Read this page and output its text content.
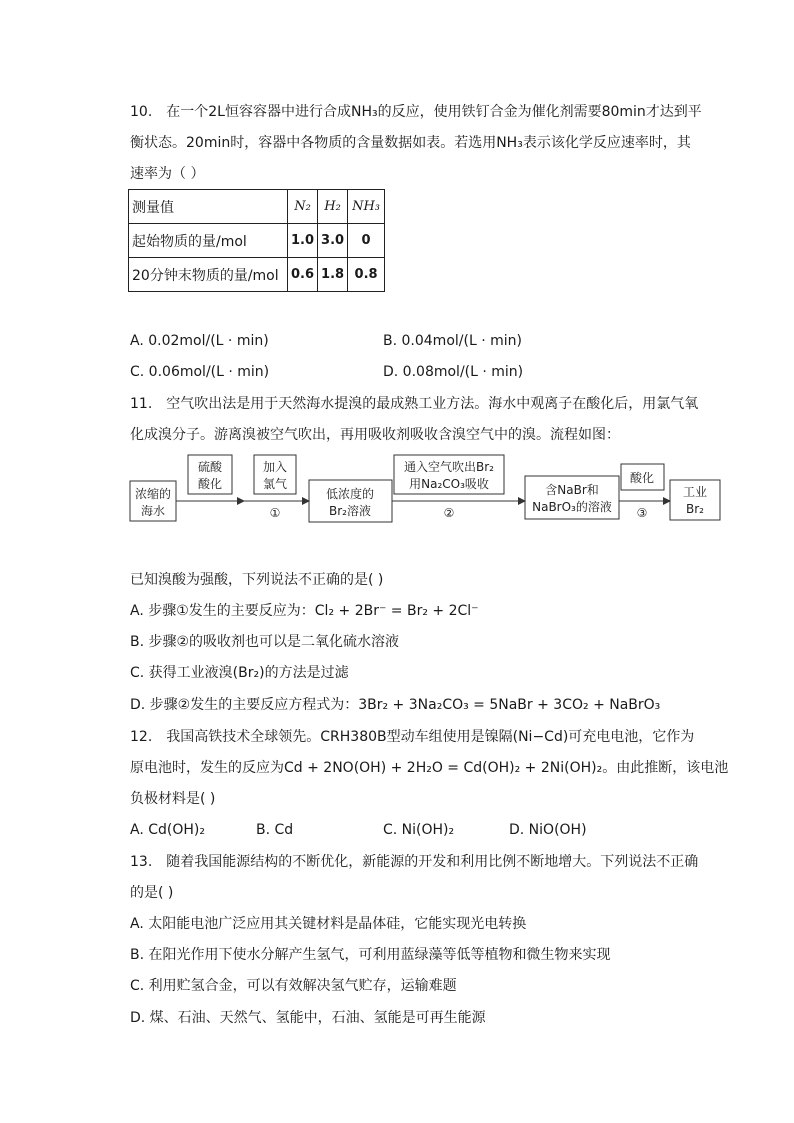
10.　在一个2L恒容容器中进行合成NH₃的反应，使用铁钉合金为催化剂需要80min才达到平
衡状态。20min时，容器中各物质的含量数据如表。若选用NH₃表示该化学反应速率时，其
速率为（ ）
测量值	N₂	H₂	NH₃
起始物质的量/mol	1.0	3.0	0
20分钟末物质的量/mol	0.6	1.8	0.8
A. 0.02mol/(L · min)	B. 0.04mol/(L · min)
C. 0.06mol/(L · min)	D. 0.08mol/(L · min)
11.　空气吹出法是用于天然海水提溴的最成熟工业方法。海水中观离子在酸化后，用氯气氧
化成溴分子。游离溴被空气吹出，再用吸收剂吸收含溴空气中的溴。流程如图：
浓缩的
海水
硫酸
酸化
加入
氯气
①
低浓度的
Br₂溶液
通入空气吹出Br₂
用Na₂CO₃吸收
②
含NaBr和
NaBrO₃的溶液
酸化
③
工业
Br₂
已知溴酸为强酸，下列说法不正确的是( )
A. 步骤①发生的主要反应为：Cl₂ + 2Br⁻ = Br₂ + 2Cl⁻
B. 步骤②的吸收剂也可以是二氧化硫水溶液
C. 获得工业液溴(Br₂)的方法是过滤
D. 步骤②发生的主要反应方程式为：3Br₂ + 3Na₂CO₃ = 5NaBr + 3CO₂ + NaBrO₃
12.　我国高铁技术全球领先。CRH380B型动车组使用是镍隔(Ni−Cd)可充电电池，它作为
原电池时，发生的反应为Cd + 2NO(OH) + 2H₂O = Cd(OH)₂ + 2Ni(OH)₂。由此推断，该电池
负极材料是( )
A. Cd(OH)₂	B. Cd	C. Ni(OH)₂	D. NiO(OH)
13.　随着我国能源结构的不断优化，新能源的开发和利用比例不断地增大。下列说法不正确
的是( )
A. 太阳能电池广泛应用其关键材料是晶体硅，它能实现光电转换
B. 在阳光作用下使水分解产生氢气，可利用蓝绿藻等低等植物和微生物来实现
C. 利用贮氢合金，可以有效解决氢气贮存，运输难题
D. 煤、石油、天然气、氢能中，石油、氢能是可再生能源
